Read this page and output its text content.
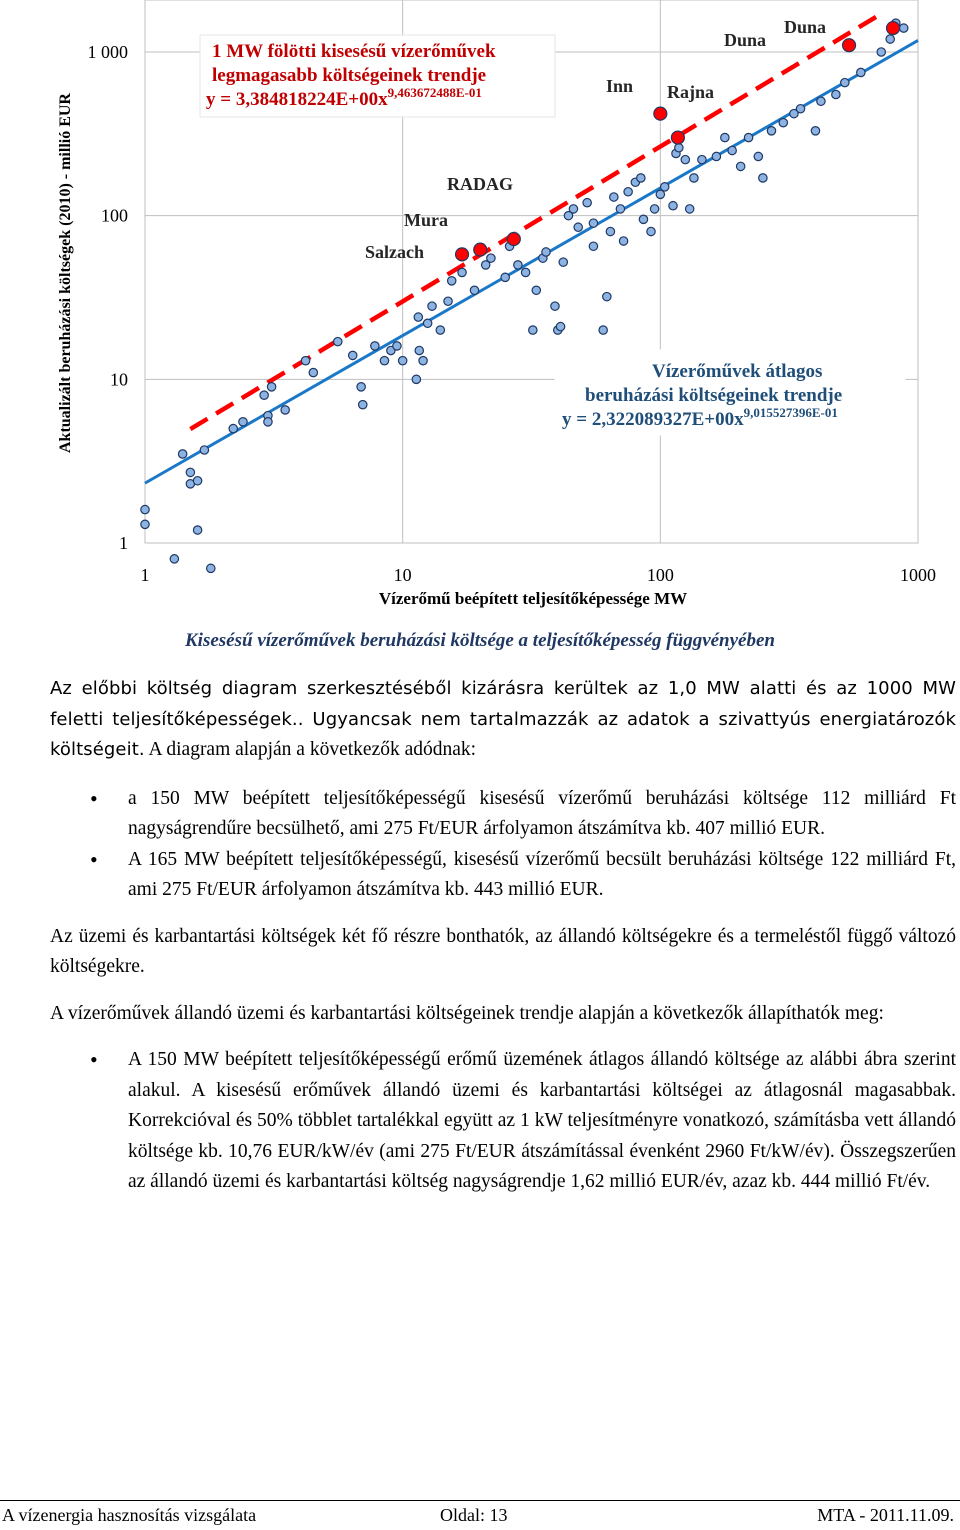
1	10	100	1000
1
10
100
1 000
Vízerőmű beépített teljesítőképessége MW
Aktualizált beruházási költségek (2010) - millió EUR	Salzach
Mura
RADAG
Inn Rajna
Duna
Duna
1 MW fölötti kisesésű vízerőművek
legmagasabb költségeinek trendje
$y = 3,384818224E+00x^{9,463672488E-01}$
Vízerőművek átlagos
beruházási költségeinek trendje
$y = 2,322089327E+00x^{9,015527396E-01}$
Kisesésű vízerőművek beruházási költsége a teljesítőképesség függvényében

Az előbbi költség diagram szerkesztéséből kizárásra kerültek az 1,0 MW alatti és az 1000 MW feletti teljesítőképességek.. Ugyancsak nem tartalmazzák az adatok a szivattyús energiatározók költségeit. A diagram alapján a következők adódnak:

• a 150 MW beépített teljesítőképességű kisesésű vízerőmű beruházási költsége 112 milliárd Ft nagyságrendűre becsülhető, ami 275 Ft/EUR árfolyamon átszámítva kb. 407 millió EUR.
• A 165 MW beépített teljesítőképességű, kisesésű vízerőmű becsült beruházási költsége 122 milliárd Ft, ami 275 Ft/EUR árfolyamon átszámítva kb. 443 millió EUR.

Az üzemi és karbantartási költségek két fő részre bonthatók, az állandó költségekre és a termeléstől függő változó költségekre.

A vízerőművek állandó üzemi és karbantartási költségeinek trendje alapján a következők állapíthatók meg:

• A 150 MW beépített teljesítőképességű erőmű üzemének átlagos állandó költsége az alábbi ábra szerint alakul. A kisesésű erőművek állandó üzemi és karbantartási költségei az átlagosnál magasabbak. Korrekcióval és 50% többlet tartalékkal együtt az 1 kW teljesítményre vonatkozó, számításba vett állandó költsége kb. 10,76 EUR/kW/év (ami 275 Ft/EUR átszámítással évenként 2960 Ft/kW/év). Összegszerűen az állandó üzemi és karbantartási költség nagyságrendje 1,62 millió EUR/év, azaz kb. 444 millió Ft/év.
A vízenergia hasznosítás vizsgálata	Oldal: 13	MTA - 2011.11.09.
